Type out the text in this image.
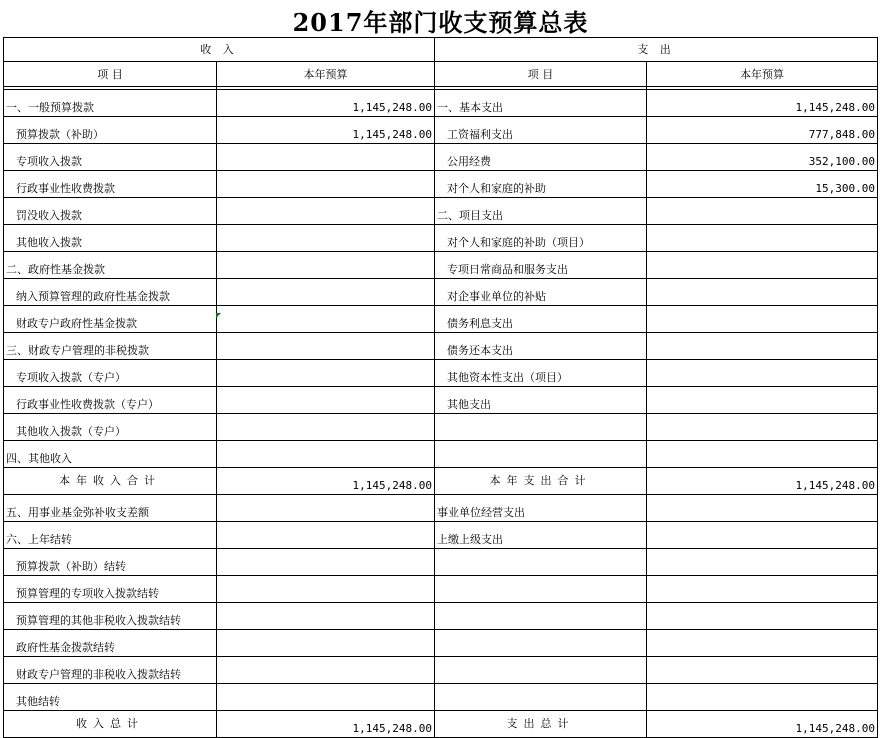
2017年部门收支预算总表
收 入		支 出	
项 目	本年预算	项 目	本年预算

一、一般预算拨款	1,145,248.00	一、基本支出	1,145,248.00
预算拨款（补助）	1,145,248.00	工资福利支出	777,848.00
专项收入拨款		公用经费	352,100.00
行政事业性收费拨款		对个人和家庭的补助	15,300.00
罚没收入拨款		二、项目支出	
其他收入拨款		对个人和家庭的补助（项目）	
二、政府性基金拨款		专项日常商品和服务支出	
纳入预算管理的政府性基金拨款		对企事业单位的补贴	
财政专户政府性基金拨款		债务利息支出	
三、财政专户管理的非税拨款		债务还本支出	
专项收入拨款（专户）		其他资本性支出（项目）	
行政事业性收费拨款（专户）		其他支出	
其他收入拨款（专户）			
四、其他收入			
本年收入合计	1,145,248.00	本年支出合计	1,145,248.00
五、用事业基金弥补收支差额		事业单位经营支出	
六、上年结转		上缴上级支出	
预算拨款（补助）结转			
预算管理的专项收入拨款结转			
预算管理的其他非税收入拨款结转			
政府性基金拨款结转			
财政专户管理的非税收入拨款结转			
其他结转			
收入总计	1,145,248.00	支出总计	1,145,248.00
